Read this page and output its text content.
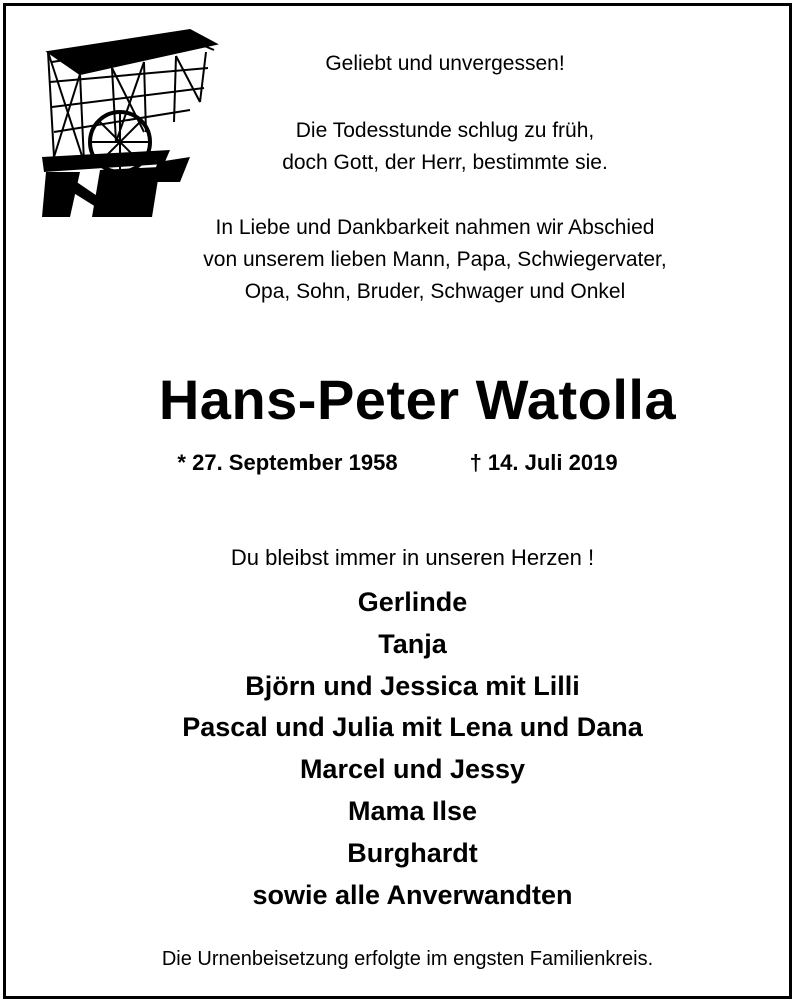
Geliebt und unvergessen!
Die Todesstunde schlug zu früh,
doch Gott, der Herr, bestimmte sie.
In Liebe und Dankbarkeit nahmen wir Abschied
von unserem lieben Mann, Papa, Schwiegervater,
Opa, Sohn, Bruder, Schwager und Onkel
Hans-Peter Watolla
* 27. September 1958	† 14. Juli 2019
Du bleibst immer in unseren Herzen !
Gerlinde
Tanja
Björn und Jessica mit Lilli
Pascal und Julia mit Lena und Dana
Marcel und Jessy
Mama Ilse
Burghardt
sowie alle Anverwandten
Die Urnenbeisetzung erfolgte im engsten Familienkreis.
